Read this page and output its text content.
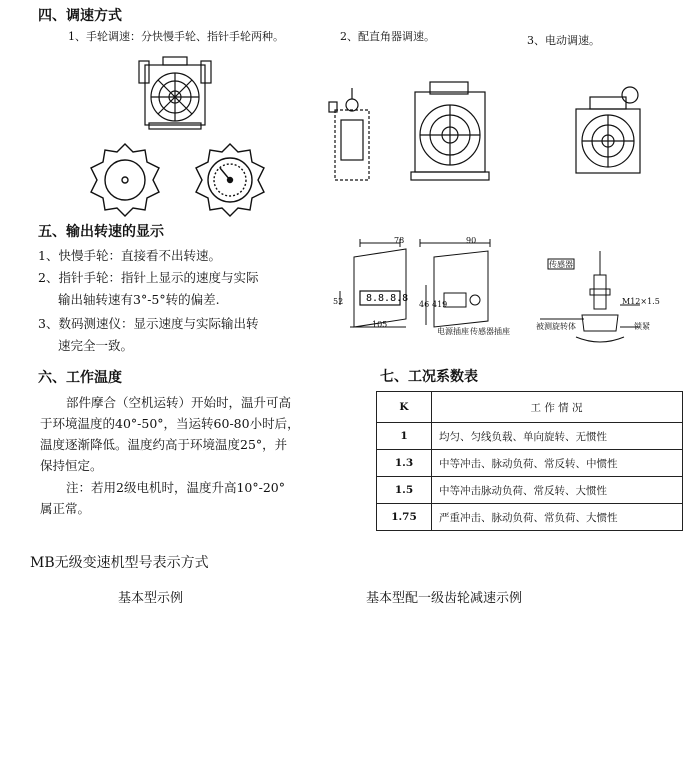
四、调速方式
1、手轮调速：分快慢手轮、指针手轮两种。	2、配直角器调速。	3、电动调速。
五、输出转速的显示
1、快慢手轮：直接看不出转速。
2、指针手轮：指针上显示的速度与实际
输出轴转速有3°-5°转的偏差.
3、数码测速仪：显示速度与实际输出转
速完全一致。
8.8.8.8
78	90
52
105
46 419
电源插座 传感器插座
传感器
M12×1.5
被测旋转体	锁紧
六、工作温度
部件摩合（空机运转）开始时，温升可高
于环境温度的40°-50°，当运转60-80小时后，
温度逐渐降低。温度约高于环境温度25°，并
保持恒定。
注：若用2级电机时，温度升高10°-20°
属正常。
七、工况系数表
K	工 作 情 况
1	均匀、匀线负载、单向旋转、无惯性
1.3	中等冲击、脉动负荷、常反转、中惯性
1.5	中等冲击脉动负荷、常反转、大惯性
1.75	严重冲击、脉动负荷、常负荷、大惯性
MB无级变速机型号表示方式
基本型示例	基本型配一级齿轮减速示例
